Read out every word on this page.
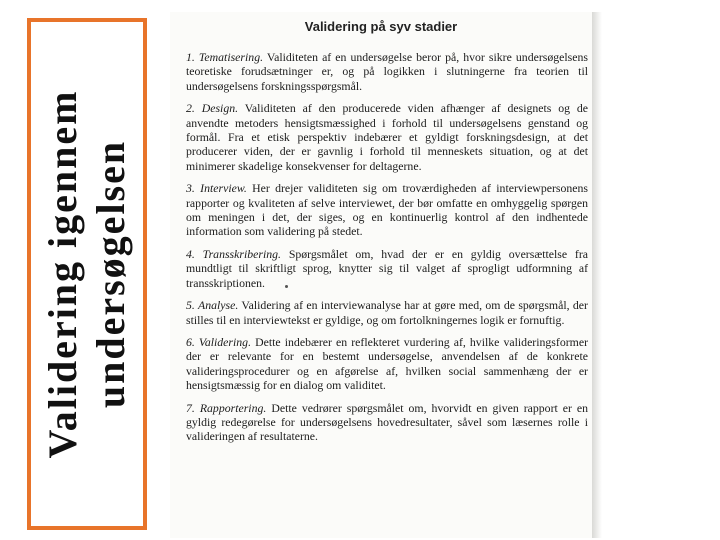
Validering igennem undersøgelsen
Validering på syv stadier

1. Tematisering. Validiteten af en undersøgelse beror på, hvor sikre undersøgelsens teoretiske forudsætninger er, og på logikken i slutningerne fra teorien til undersøgelsens forskningsspørgsmål.

2. Design. Validiteten af den producerede viden afhænger af designets og de anvendte metoders hensigtsmæssighed i forhold til undersøgelsens genstand og formål. Fra et etisk perspektiv indebærer et gyldigt forskningsdesign, at det producerer viden, der er gavnlig i forhold til menneskets situation, og at det minimerer skadelige konsekvenser for deltagerne.

3. Interview. Her drejer validiteten sig om troværdigheden af interviewpersonens rapporter og kvaliteten af selve interviewet, der bør omfatte en omhyggelig spørgen om meningen i det, der siges, og en kontinuerlig kontrol af den indhentede information som validering på stedet.

4. Transskribering. Spørgsmålet om, hvad der er en gyldig oversættelse fra mundtligt til skriftligt sprog, knytter sig til valget af sprogligt udformning af transskriptionen.

5. Analyse. Validering af en interviewanalyse har at gøre med, om de spørgsmål, der stilles til en interviewtekst er gyldige, og om fortolkningernes logik er fornuftig.

6. Validering. Dette indebærer en reflekteret vurdering af, hvilke valideringsformer der er relevante for en bestemt undersøgelse, anvendelsen af de konkrete valideringsprocedurer og en afgørelse af, hvilken social sammenhæng der er hensigtsmæssig for en dialog om validitet.

7. Rapportering. Dette vedrører spørgsmålet om, hvorvidt en given rapport er en gyldig redegørelse for undersøgelsens hovedresultater, såvel som læsernes rolle i valideringen af resultaterne.
